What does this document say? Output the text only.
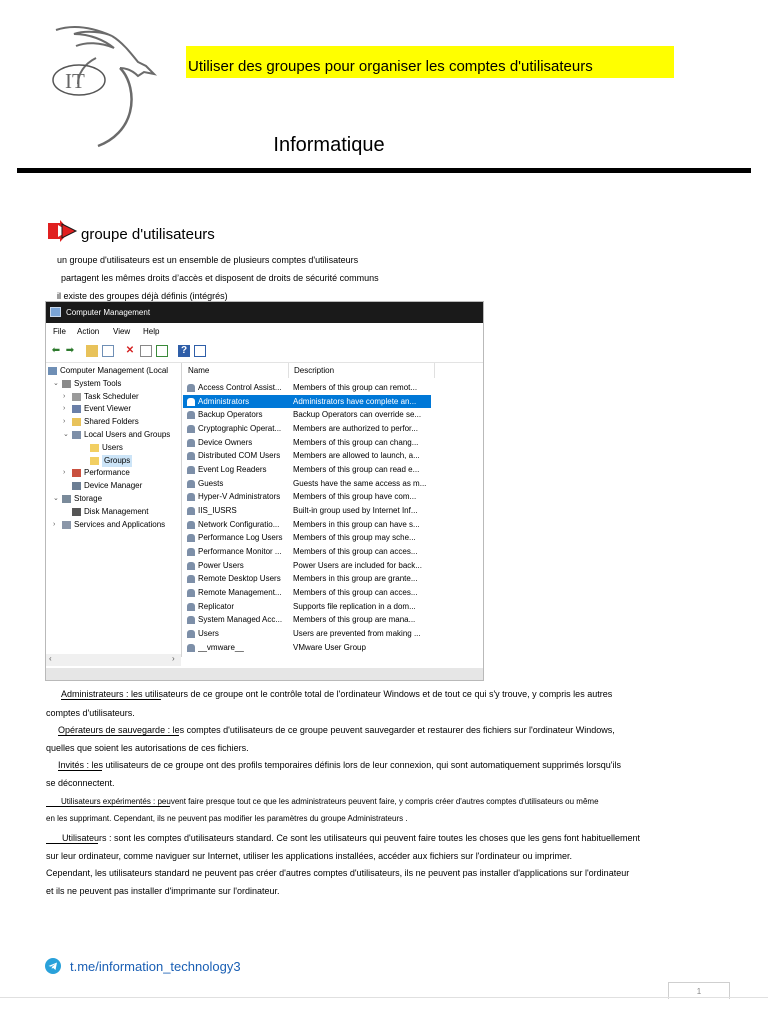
IT
Utiliser des groupes pour organiser les comptes d'utilisateurs
Informatique
groupe d'utilisateurs
un groupe d'utilisateurs est un ensemble de plusieurs comptes d'utilisateurs
partagent les mêmes droits d’accès et disposent de droits de sécurité communs
il existe des groupes déjà définis (intégrés)
Computer Management
File Action View Help
⬅ ➡	✕	?
Computer Management (Local
⌄ System Tools
› Task Scheduler
› Event Viewer
› Shared Folders
⌄ Local Users and Groups
Users
Groups
› Performance
Device Manager
⌄ Storage
Disk Management
› Services and Applications
‹	›
Name	Description
Access Control Assist...	Members of this group can remot...
Administrators	Administrators have complete an...
Backup Operators	Backup Operators can override se...
Cryptographic Operat...	Members are authorized to perfor...
Device Owners	Members of this group can chang...
Distributed COM Users	Members are allowed to launch, a...
Event Log Readers	Members of this group can read e...
Guests	Guests have the same access as m...
Hyper-V Administrators	Members of this group have com...
IIS_IUSRS	Built-in group used by Internet Inf...
Network Configuratio...	Members in this group can have s...
Performance Log Users	Members of this group may sche...
Performance Monitor ...	Members of this group can acces...
Power Users	Power Users are included for back...
Remote Desktop Users	Members in this group are grante...
Remote Management...	Members of this group can acces...
Replicator	Supports file replication in a dom...
System Managed Acc...	Members of this group are mana...
Users	Users are prevented from making ...
__vmware__	VMware User Group
Administrateurs : les utilisateurs de ce groupe ont le contrôle total de l'ordinateur Windows et de tout ce qui s'y trouve, y compris les autres
comptes d'utilisateurs.
Opérateurs de sauvegarde : les comptes d'utilisateurs de ce groupe peuvent sauvegarder et restaurer des fichiers sur l'ordinateur Windows,
quelles que soient les autorisations de ces fichiers.
Invités : les utilisateurs de ce groupe ont des profils temporaires définis lors de leur connexion, qui sont automatiquement supprimés lorsqu'ils
se déconnectent.
Utilisateurs expérimentés : peuvent faire presque tout ce que les administrateurs peuvent faire, y compris créer d'autres comptes d'utilisateurs ou même
en les supprimant. Cependant, ils ne peuvent pas modifier les paramètres du groupe Administrateurs .
Utilisateurs : sont les comptes d'utilisateurs standard. Ce sont les utilisateurs qui peuvent faire toutes les choses que les gens font habituellement
sur leur ordinateur, comme naviguer sur Internet, utiliser les applications installées, accéder aux fichiers sur l'ordinateur ou imprimer.
Cependant, les utilisateurs standard ne peuvent pas créer d'autres comptes d'utilisateurs, ils ne peuvent pas installer d'applications sur l'ordinateur
et ils ne peuvent pas installer d'imprimante sur l'ordinateur.
t.me/information_technology3
1
